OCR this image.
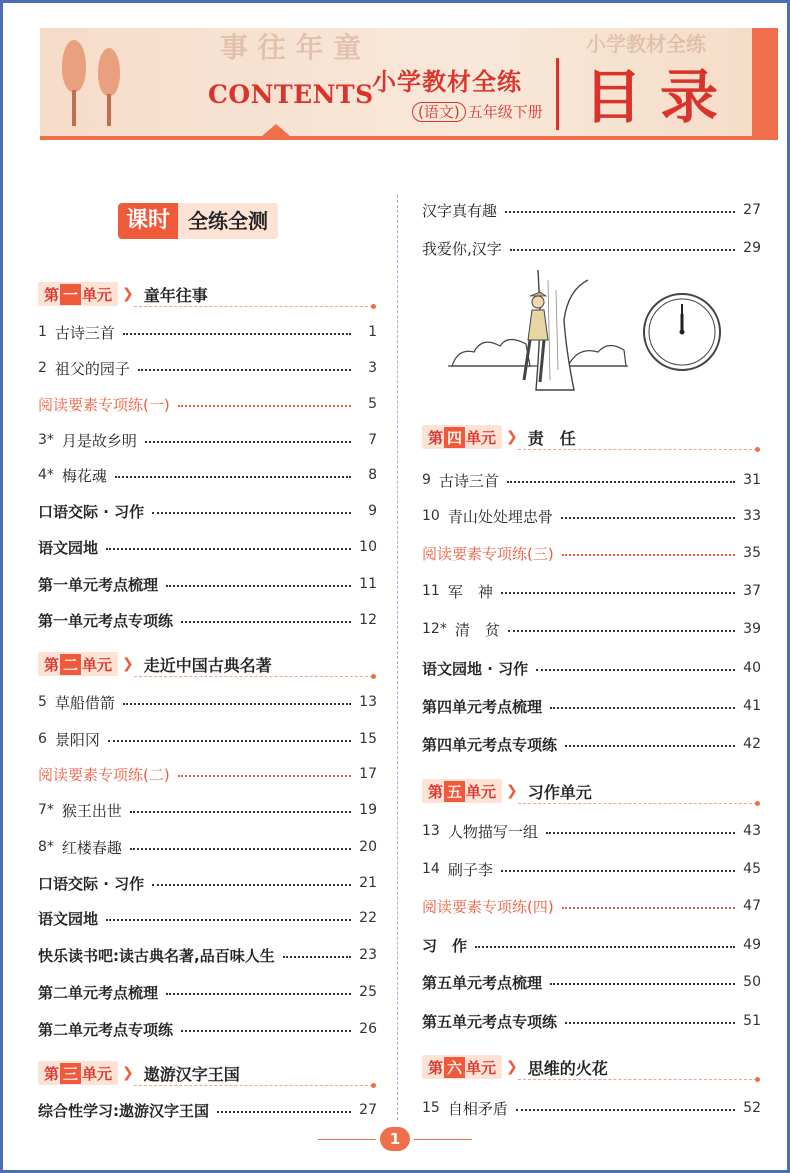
事 往 年 童	小学教材全练
CONTENTS
小学教材全练
(语文) 五年级下册 目录
课时 全练全测
第 一 单元 ❯ 童年往事
第 二 单元 ❯ 走近中国古典名著
第 三 单元 ❯ 遨游汉字王国
第 四 单元 ❯ 责　任
第 五 单元 ❯ 习作单元
第 六 单元 ❯ 思维的火花
1 古诗三首	1
2 祖父的园子	3
阅读要素专项练(一)	5
3* 月是故乡明	7
4* 梅花魂	8
口语交际 · 习作	9
语文园地	10
第一单元考点梳理	11
第一单元考点专项练	12
5 草船借箭	13
6 景阳冈	15
阅读要素专项练(二)	17
7* 猴王出世	19
8* 红楼春趣	20
口语交际 · 习作	21
语文园地	22
快乐读书吧:读古典名著,品百味人生	23
第二单元考点梳理	25
第二单元考点专项练	26
综合性学习:遨游汉字王国	27
汉字真有趣	27
我爱你,汉字	29
9 古诗三首	31
10 青山处处埋忠骨	33
阅读要素专项练(三)	35
11 军　神	37
12* 清　贫	39
语文园地 · 习作	40
第四单元考点梳理	41
第四单元考点专项练	42
13 人物描写一组	43
14 刷子李	45
阅读要素专项练(四)	47
习　作	49
第五单元考点梳理	50
第五单元考点专项练	51
15 自相矛盾	52
1
